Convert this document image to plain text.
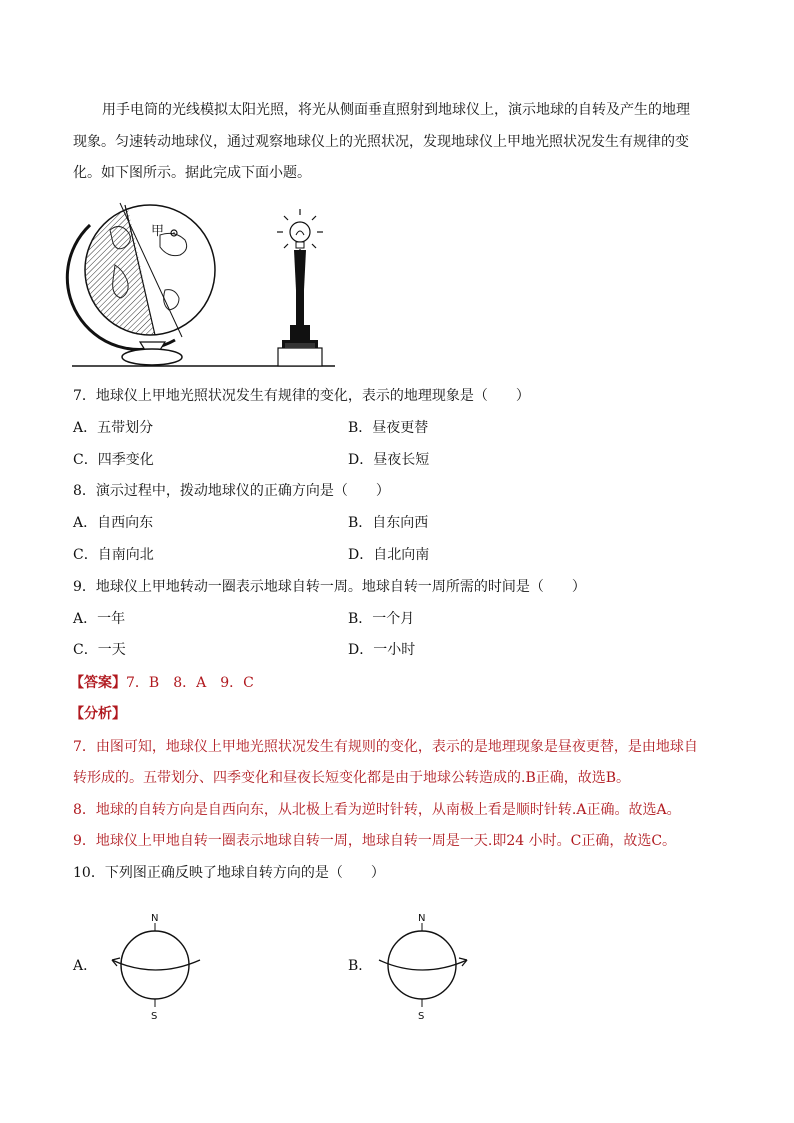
用手电筒的光线模拟太阳光照，将光从侧面垂直照射到地球仪上，演示地球的自转及产生的地理
现象。匀速转动地球仪，通过观察地球仪上的光照状况，发现地球仪上甲地光照状况发生有规律的变
化。如下图所示。据此完成下面小题。
甲
7．地球仪上甲地光照状况发生有规律的变化，表示的地理现象是（　　）
A．五带划分	B．昼夜更替
C．四季变化	D．昼夜长短
8．演示过程中，拨动地球仪的正确方向是（　　）
A．自西向东	B．自东向西
C．自南向北	D．自北向南
9．地球仪上甲地转动一圈表示地球自转一周。地球自转一周所需的时间是（　　）
A．一年	B．一个月
C．一天	D．一小时
【答案】7．B　8．A　9．C
【分析】
7．由图可知，地球仪上甲地光照状况发生有规则的变化，表示的是地理现象是昼夜更替，是由地球自
转形成的。五带划分、四季变化和昼夜长短变化都是由于地球公转造成的.B正确，故选B。
8．地球的自转方向是自西向东，从北极上看为逆时针转，从南极上看是顺时针转.A正确。故选A。
9．地球仪上甲地自转一圈表示地球自转一周，地球自转一周是一天.即24 小时。C正确，故选C。
10．下列图正确反映了地球自转方向的是（　　）
A．
N
S
B．
N
S
